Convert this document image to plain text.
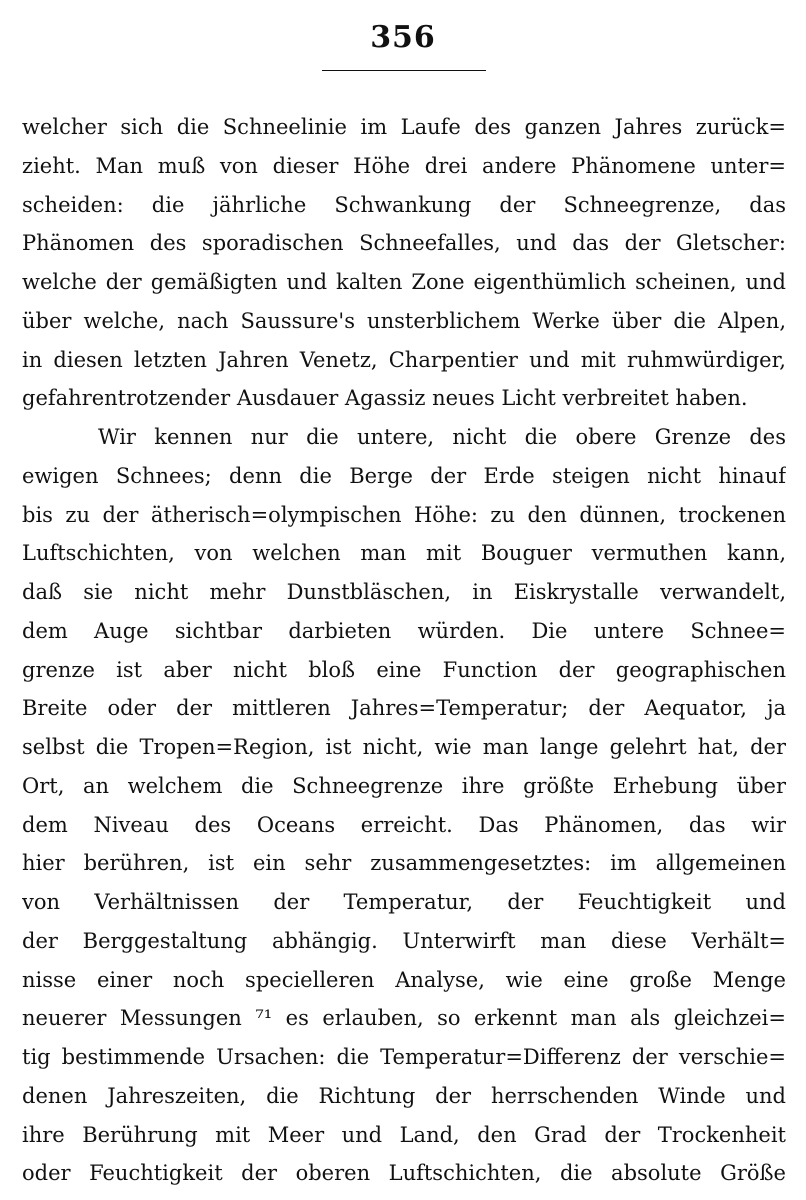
356
welcher sich die Schneelinie im Laufe des ganzen Jahres zurück=
zieht. Man muß von dieser Höhe drei andere Phänomene unter=
scheiden: die jährliche Schwankung der Schneegrenze, das
Phänomen des sporadischen Schneefalles, und das der Gletscher:
welche der gemäßigten und kalten Zone eigenthümlich scheinen, und
über welche, nach Saussure's unsterblichem Werke über die Alpen,
in diesen letzten Jahren Venetz, Charpentier und mit ruhmwürdiger,
gefahrentrotzender Ausdauer Agassiz neues Licht verbreitet haben.
Wir kennen nur die untere, nicht die obere Grenze des
ewigen Schnees; denn die Berge der Erde steigen nicht hinauf
bis zu der ätherisch=olympischen Höhe: zu den dünnen, trockenen
Luftschichten, von welchen man mit Bouguer vermuthen kann,
daß sie nicht mehr Dunstbläschen, in Eiskrystalle verwandelt,
dem Auge sichtbar darbieten würden. Die untere Schnee=
grenze ist aber nicht bloß eine Function der geographischen
Breite oder der mittleren Jahres=Temperatur; der Aequator, ja
selbst die Tropen=Region, ist nicht, wie man lange gelehrt hat, der
Ort, an welchem die Schneegrenze ihre größte Erhebung über
dem Niveau des Oceans erreicht. Das Phänomen, das wir
hier berühren, ist ein sehr zusammengesetztes: im allgemeinen
von Verhältnissen der Temperatur, der Feuchtigkeit und
der Berggestaltung abhängig. Unterwirft man diese Verhält=
nisse einer noch specielleren Analyse, wie eine große Menge
neuerer Messungen ⁷¹ es erlauben, so erkennt man als gleichzei=
tig bestimmende Ursachen: die Temperatur=Differenz der verschie=
denen Jahreszeiten, die Richtung der herrschenden Winde und
ihre Berührung mit Meer und Land, den Grad der Trockenheit
oder Feuchtigkeit der oberen Luftschichten, die absolute Größe
